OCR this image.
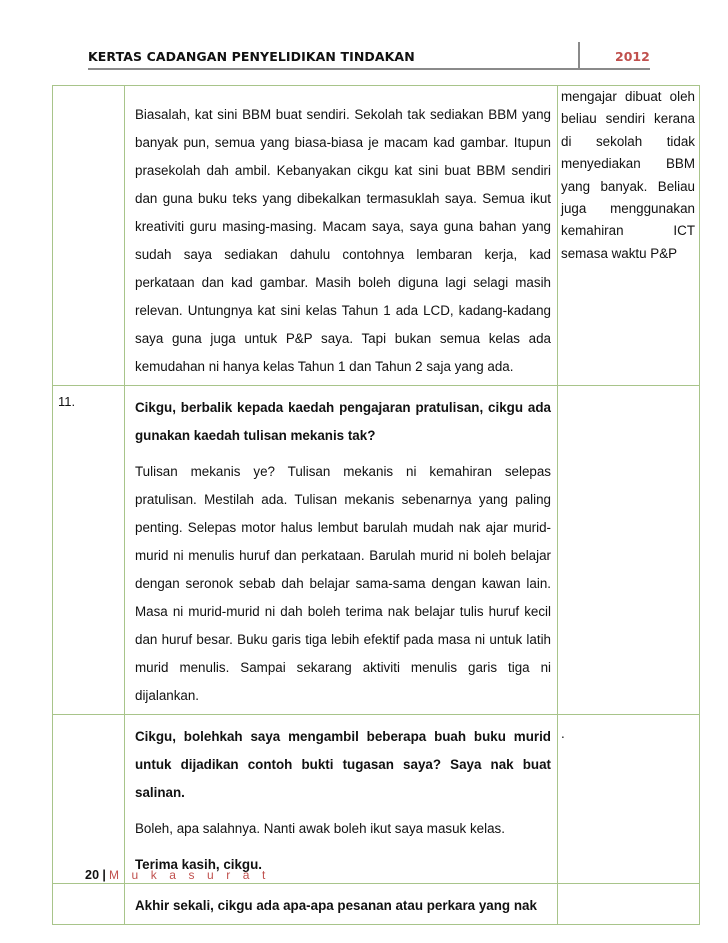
KERTAS CADANGAN PENYELIDIKAN TINDAKAN	2012

	Biasalah, kat sini BBM buat sendiri. Sekolah tak sediakan BBM yang banyak pun, semua yang biasa-biasa je macam kad gambar. Itupun prasekolah dah ambil. Kebanyakan cikgu kat sini buat BBM sendiri dan guna buku teks yang dibekalkan termasuklah saya. Semua ikut kreativiti guru masing-masing. Macam saya, saya guna bahan yang sudah saya sediakan dahulu contohnya lembaran kerja, kad perkataan dan kad gambar. Masih boleh diguna lagi selagi masih relevan. Untungnya kat sini kelas Tahun 1 ada LCD, kadang-kadang saya guna juga untuk P&P saya. Tapi bukan semua kelas ada kemudahan ni hanya kelas Tahun 1 dan Tahun 2 saja yang ada.	mengajar dibuat oleh beliau sendiri kerana di sekolah tidak menyediakan BBM yang banyak. Beliau juga menggunakan kemahiran ICT semasa waktu P&P
11.	Cikgu, berbalik kepada kaedah pengajaran pratulisan, cikgu ada gunakan kaedah tulisan mekanis tak?

Tulisan mekanis ye? Tulisan mekanis ni kemahiran selepas pratulisan. Mestilah ada. Tulisan mekanis sebenarnya yang paling penting. Selepas motor halus lembut barulah mudah nak ajar murid-murid ni menulis huruf dan perkataan. Barulah murid ni boleh belajar dengan seronok sebab dah belajar sama-sama dengan kawan lain. Masa ni murid-murid ni dah boleh terima nak belajar tulis huruf kecil dan huruf besar. Buku garis tiga lebih efektif pada masa ni untuk latih murid menulis. Sampai sekarang aktiviti menulis garis tiga ni dijalankan.	

	Cikgu, bolehkah saya mengambil beberapa buah buku murid untuk dijadikan contoh bukti tugasan saya? Saya nak buat salinan.

Boleh, apa salahnya. Nanti awak boleh ikut saya masuk kelas.

Terima kasih, cikgu.	.

	Akhir sekali, cikgu ada apa-apa pesanan atau perkara yang nak	

20 | M u k a s u r a t
